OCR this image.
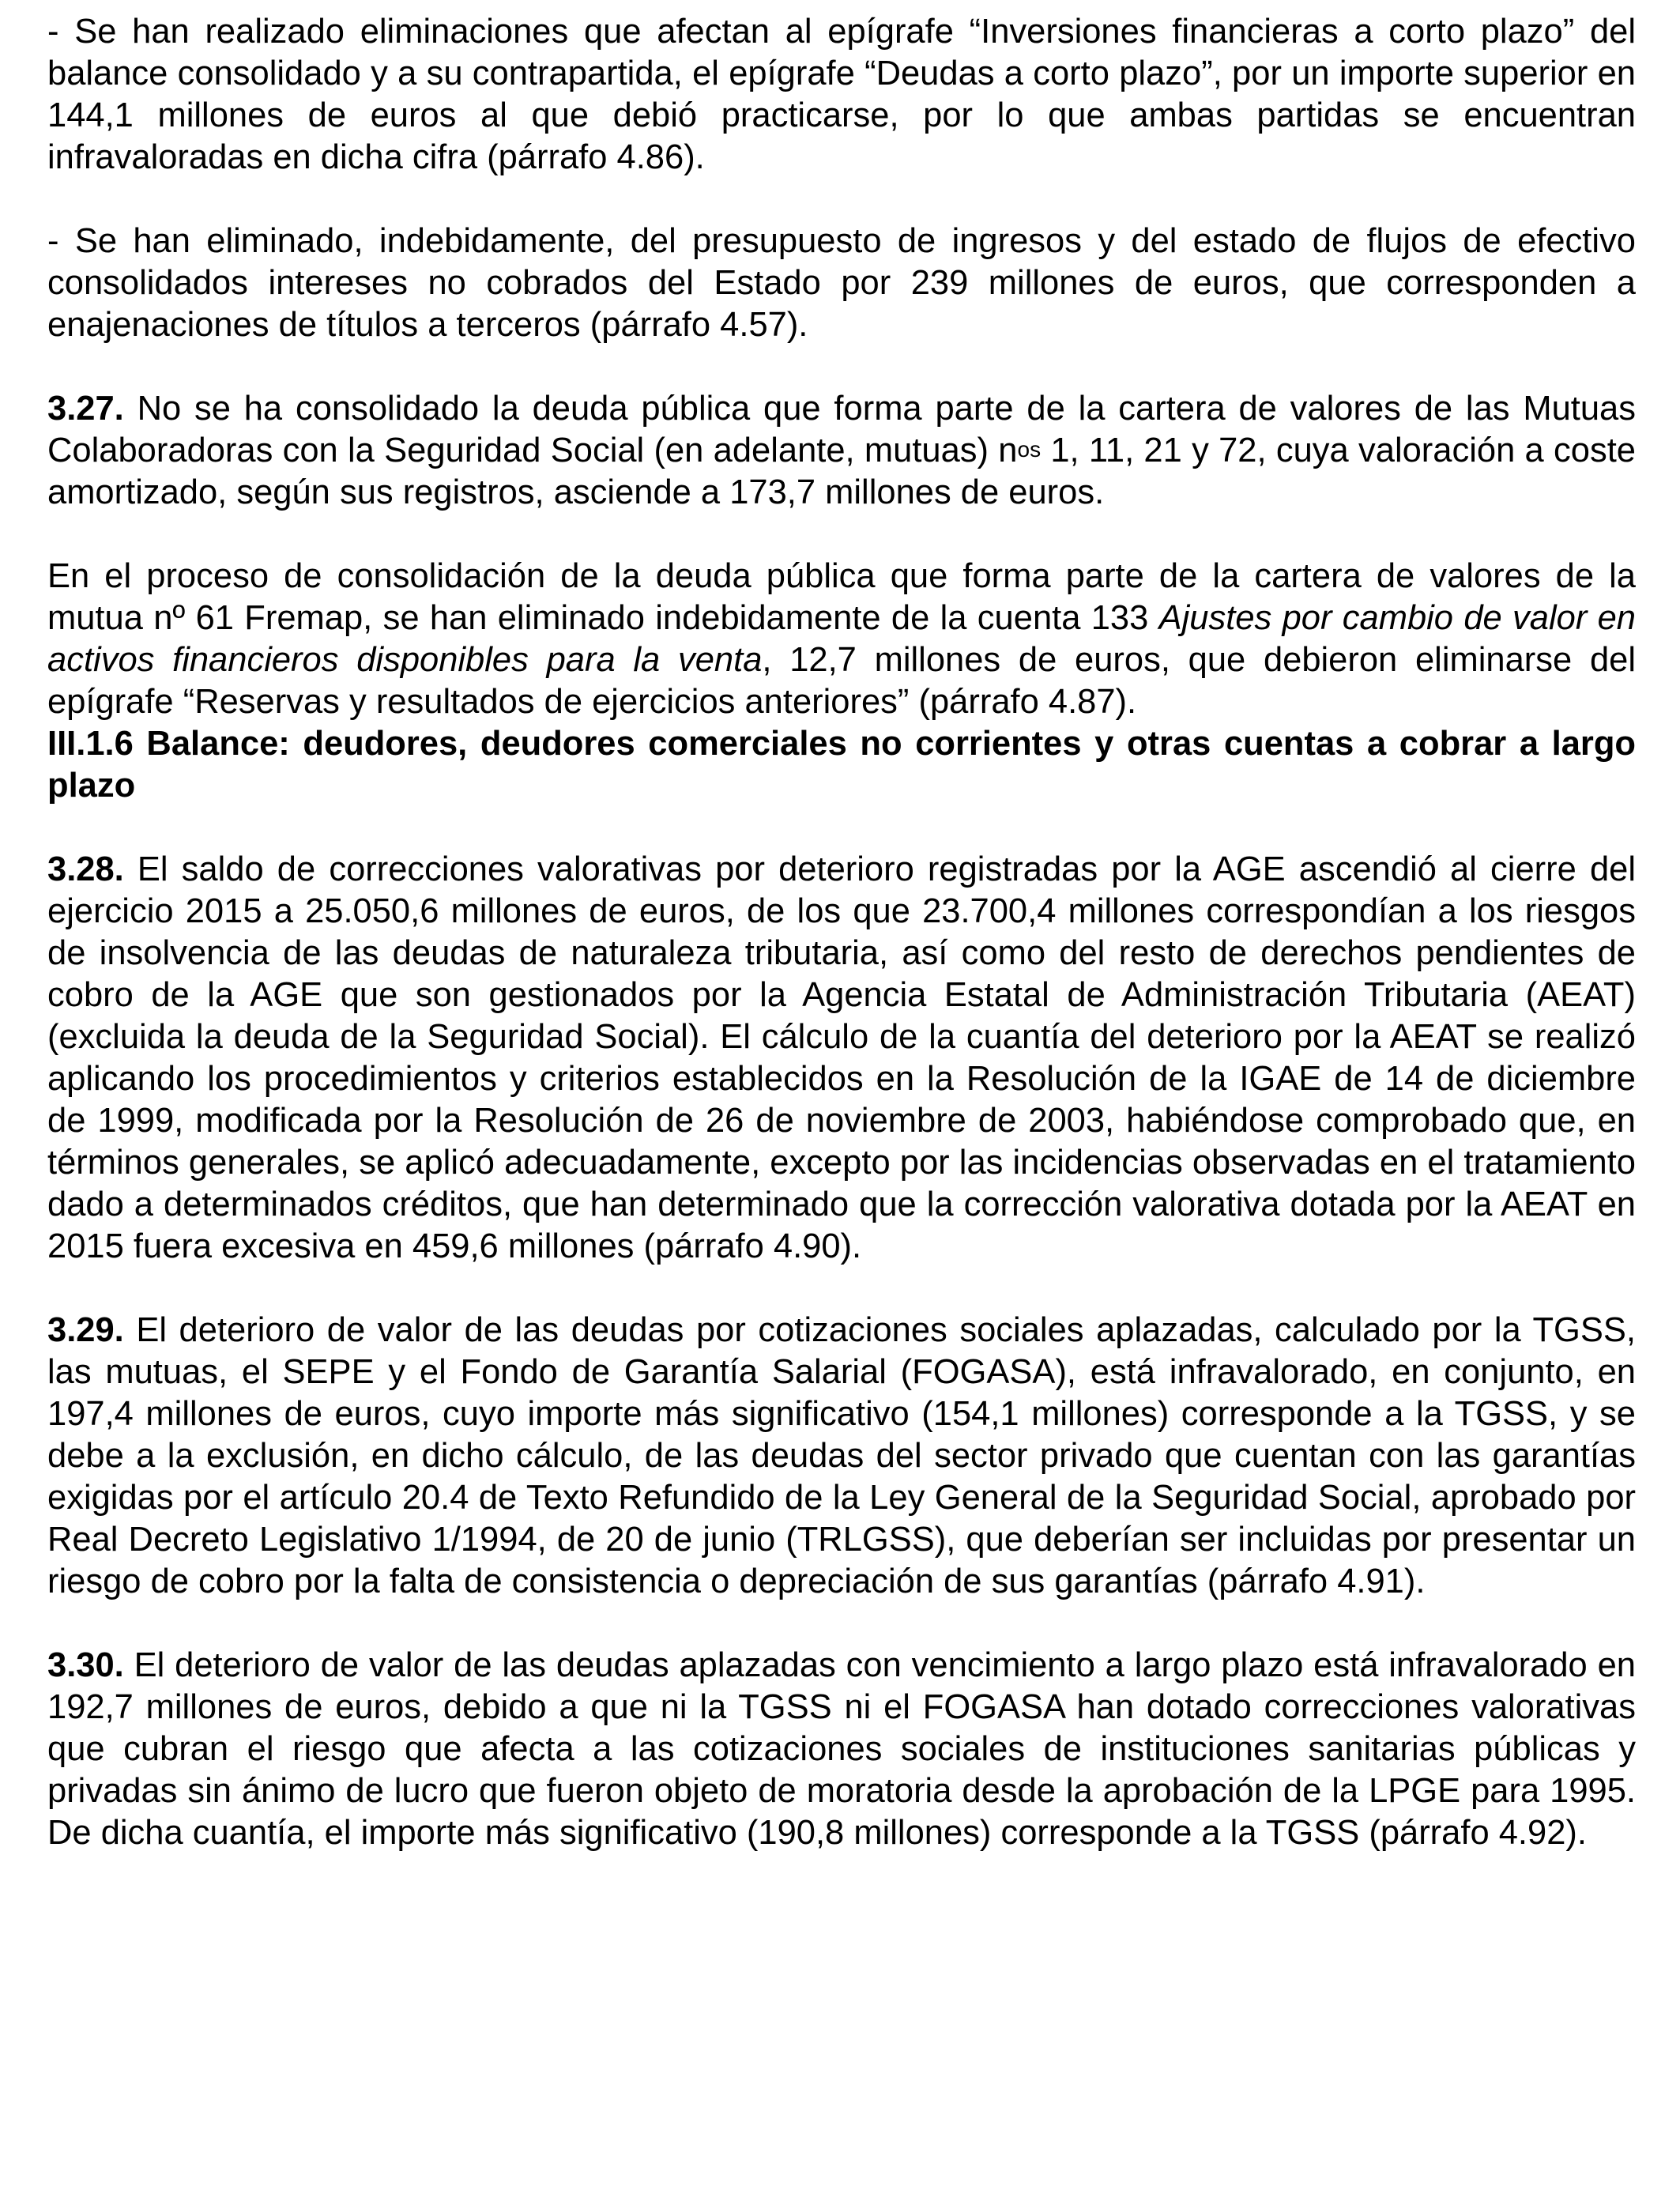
- Se han realizado eliminaciones que afectan al epígrafe “Inversiones financieras a corto plazo” del balance consolidado y a su contrapartida, el epígrafe “Deudas a corto plazo”, por un importe superior en 144,1 millones de euros al que debió practicarse, por lo que ambas partidas se encuentran infravaloradas en dicha cifra (párrafo 4.86).

- Se han eliminado, indebidamente, del presupuesto de ingresos y del estado de flujos de efectivo consolidados intereses no cobrados del Estado por 239 millones de euros, que corresponden a enajenaciones de títulos a terceros (párrafo 4.57).

3.27. No se ha consolidado la deuda pública que forma parte de la cartera de valores de las Mutuas Colaboradoras con la Seguridad Social (en adelante, mutuas) $n^{os}$ 1, 11, 21 y 72, cuya valoración a coste amortizado, según sus registros, asciende a 173,7 millones de euros.

En el proceso de consolidación de la deuda pública que forma parte de la cartera de valores de la mutua nº 61 Fremap, se han eliminado indebidamente de la cuenta 133 Ajustes por cambio de valor en activos financieros disponibles para la venta, 12,7 millones de euros, que debieron eliminarse del epígrafe “Reservas y resultados de ejercicios anteriores” (párrafo 4.87).

III.1.6 Balance: deudores, deudores comerciales no corrientes y otras cuentas a cobrar a largo plazo

3.28. El saldo de correcciones valorativas por deterioro registradas por la AGE ascendió al cierre del ejercicio 2015 a 25.050,6 millones de euros, de los que 23.700,4 millones correspondían a los riesgos de insolvencia de las deudas de naturaleza tributaria, así como del resto de derechos pendientes de cobro de la AGE que son gestionados por la Agencia Estatal de Administración Tributaria (AEAT) (excluida la deuda de la Seguridad Social). El cálculo de la cuantía del deterioro por la AEAT se realizó aplicando los procedimientos y criterios establecidos en la Resolución de la IGAE de 14 de diciembre de 1999, modificada por la Resolución de 26 de noviembre de 2003, habiéndose comprobado que, en términos generales, se aplicó adecuadamente, excepto por las incidencias observadas en el tratamiento dado a determinados créditos, que han determinado que la corrección valorativa dotada por la AEAT en 2015 fuera excesiva en 459,6 millones (párrafo 4.90).

3.29. El deterioro de valor de las deudas por cotizaciones sociales aplazadas, calculado por la TGSS, las mutuas, el SEPE y el Fondo de Garantía Salarial (FOGASA), está infravalorado, en conjunto, en 197,4 millones de euros, cuyo importe más significativo (154,1 millones) corresponde a la TGSS, y se debe a la exclusión, en dicho cálculo, de las deudas del sector privado que cuentan con las garantías exigidas por el artículo 20.4 de Texto Refundido de la Ley General de la Seguridad Social, aprobado por Real Decreto Legislativo 1/1994, de 20 de junio (TRLGSS), que deberían ser incluidas por presentar un riesgo de cobro por la falta de consistencia o depreciación de sus garantías (párrafo 4.91).

3.30. El deterioro de valor de las deudas aplazadas con vencimiento a largo plazo está infravalorado en 192,7 millones de euros, debido a que ni la TGSS ni el FOGASA han dotado correcciones valorativas que cubran el riesgo que afecta a las cotizaciones sociales de instituciones sanitarias públicas y privadas sin ánimo de lucro que fueron objeto de moratoria desde la aprobación de la LPGE para 1995. De dicha cuantía, el importe más significativo (190,8 millones) corresponde a la TGSS (párrafo 4.92).
